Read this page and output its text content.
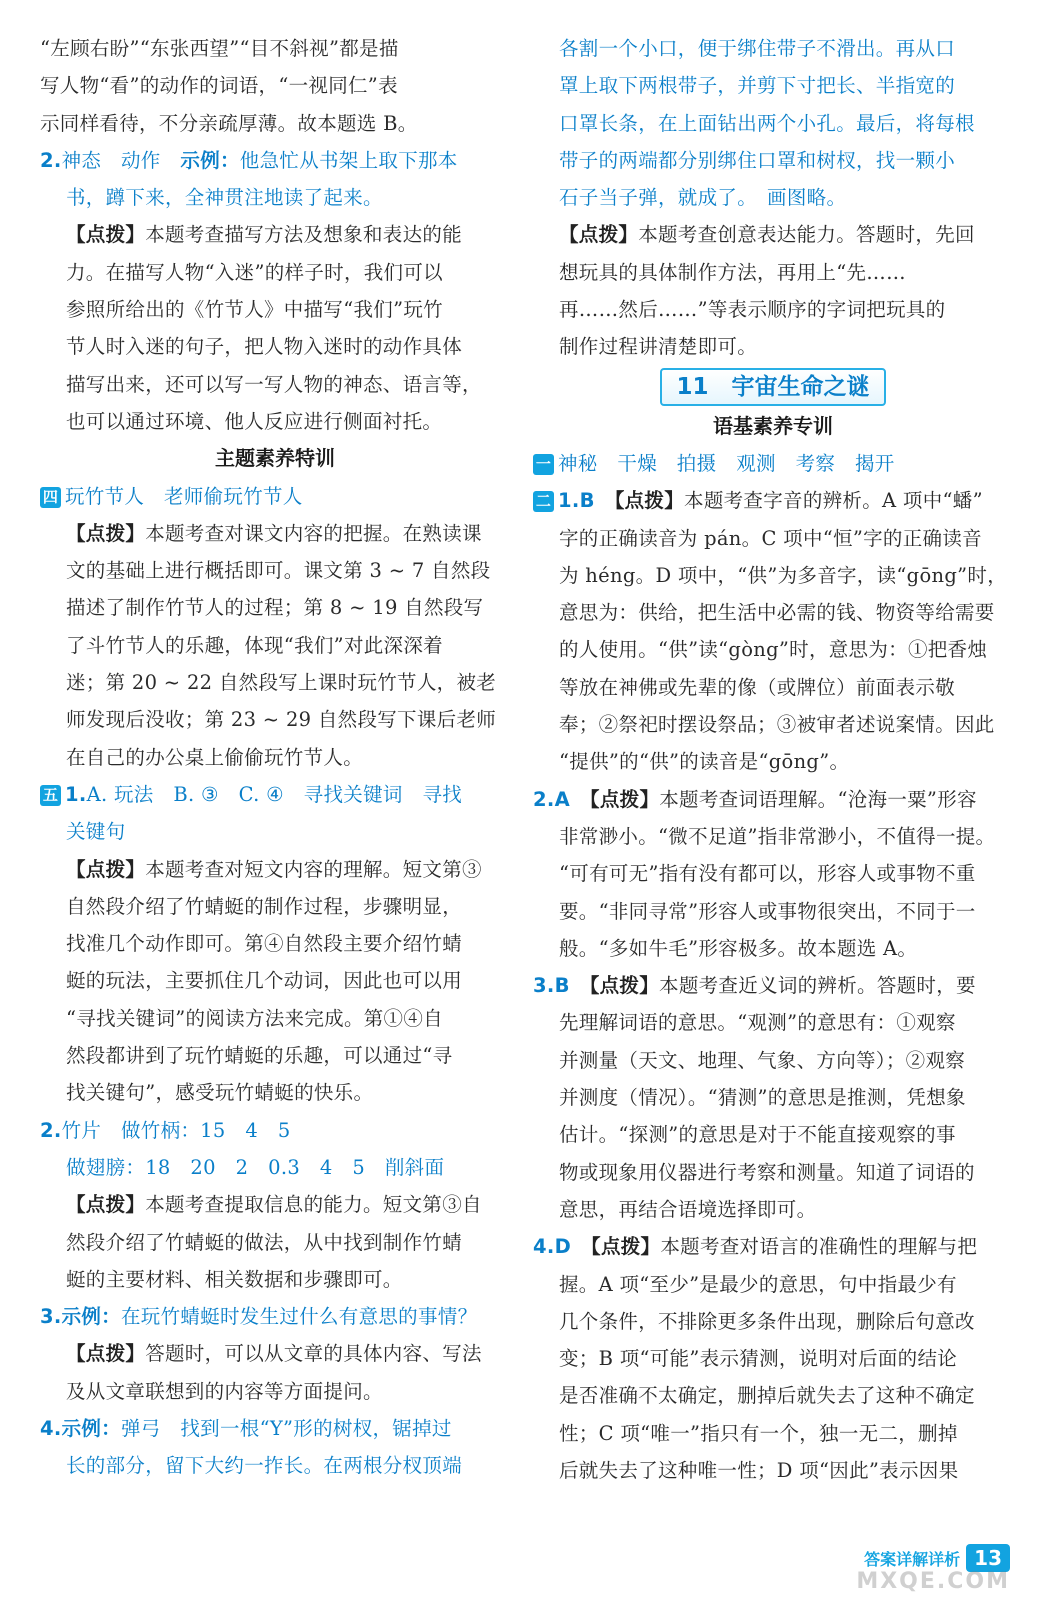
“左顾右盼”“东张西望”“目不斜视”都是描
写人物“看”的动作的词语，“一视同仁”表
示同样看待，不分亲疏厚薄。故本题选 B。
2.神态　动作　示例：他急忙从书架上取下那本
书，蹲下来，全神贯注地读了起来。
【点拨】本题考查描写方法及想象和表达的能
力。在描写人物“入迷”的样子时，我们可以
参照所给出的《竹节人》中描写“我们”玩竹
节人时入迷的句子，把人物入迷时的动作具体
描写出来，还可以写一写人物的神态、语言等，
也可以通过环境、他人反应进行侧面衬托。
主题素养特训
四 玩竹节人　老师偷玩竹节人
【点拨】本题考查对课文内容的把握。在熟读课
文的基础上进行概括即可。课文第 3 ~ 7 自然段
描述了制作竹节人的过程；第 8 ~ 19 自然段写
了斗竹节人的乐趣，体现“我们”对此深深着
迷；第 20 ~ 22 自然段写上课时玩竹节人，被老
师发现后没收；第 23 ~ 29 自然段写下课后老师
在自己的办公桌上偷偷玩竹节人。
五 1.A. 玩法　B. ③　C. ④　寻找关键词　寻找
关键句
【点拨】本题考查对短文内容的理解。短文第③
自然段介绍了竹蜻蜓的制作过程，步骤明显，
找准几个动作即可。第④自然段主要介绍竹蜻
蜓的玩法，主要抓住几个动词，因此也可以用
“寻找关键词”的阅读方法来完成。第①④自
然段都讲到了玩竹蜻蜓的乐趣，可以通过“寻
找关键句”，感受玩竹蜻蜓的快乐。
2.竹片　做竹柄：15　4　5
做翅膀：18　20　2　0.3　4　5　削斜面
【点拨】本题考查提取信息的能力。短文第③自
然段介绍了竹蜻蜓的做法，从中找到制作竹蜻
蜓的主要材料、相关数据和步骤即可。
3.示例：在玩竹蜻蜓时发生过什么有意思的事情？
【点拨】答题时，可以从文章的具体内容、写法
及从文章联想到的内容等方面提问。
4.示例：弹弓　找到一根“Y”形的树杈，锯掉过
长的部分，留下大约一拃长。在两根分杈顶端
各割一个小口，便于绑住带子不滑出。再从口
罩上取下两根带子，并剪下寸把长、半指宽的
口罩长条，在上面钻出两个小孔。最后，将每根
带子的两端都分别绑住口罩和树杈，找一颗小
石子当子弹，就成了。　画图略。
【点拨】本题考查创意表达能力。答题时，先回
想玩具的具体制作方法，再用上“先……
再……然后……”等表示顺序的字词把玩具的
制作过程讲清楚即可。
11　宇宙生命之谜
语基素养专训
一 神秘　干燥　拍摄　观测　考察　揭开
二 1.B　 【点拨】本题考查字音的辨析。A 项中“蟠”
字的正确读音为 pán。C 项中“恒”字的正确读音
为 héng。D 项中，“供”为多音字，读“gōng”时，
意思为：供给，把生活中必需的钱、物资等给需要
的人使用。“供”读“gòng”时，意思为：①把香烛
等放在神佛或先辈的像（或牌位）前面表示敬
奉；②祭祀时摆设祭品；③被审者述说案情。因此
“提供”的“供”的读音是“gōng”。
2.A　 【点拨】本题考查词语理解。“沧海一粟”形容
非常渺小。“微不足道”指非常渺小，不值得一提。
“可有可无”指有没有都可以，形容人或事物不重
要。“非同寻常”形容人或事物很突出，不同于一
般。“多如牛毛”形容极多。故本题选 A。
3.B　 【点拨】本题考查近义词的辨析。答题时，要
先理解词语的意思。“观测”的意思有：①观察
并测量（天文、地理、气象、方向等）；②观察
并测度（情况）。“猜测”的意思是推测，凭想象
估计。“探测”的意思是对于不能直接观察的事
物或现象用仪器进行考察和测量。知道了词语的
意思，再结合语境选择即可。
4.D　 【点拨】本题考查对语言的准确性的理解与把
握。A 项“至少”是最少的意思，句中指最少有
几个条件，不排除更多条件出现，删除后句意改
变；B 项“可能”表示猜测，说明对后面的结论
是否准确不太确定，删掉后就失去了这种不确定
性；C 项“唯一”指只有一个，独一无二，删掉
后就失去了这种唯一性；D 项“因此”表示因果
答案详解详析 13
MXQE.COM
